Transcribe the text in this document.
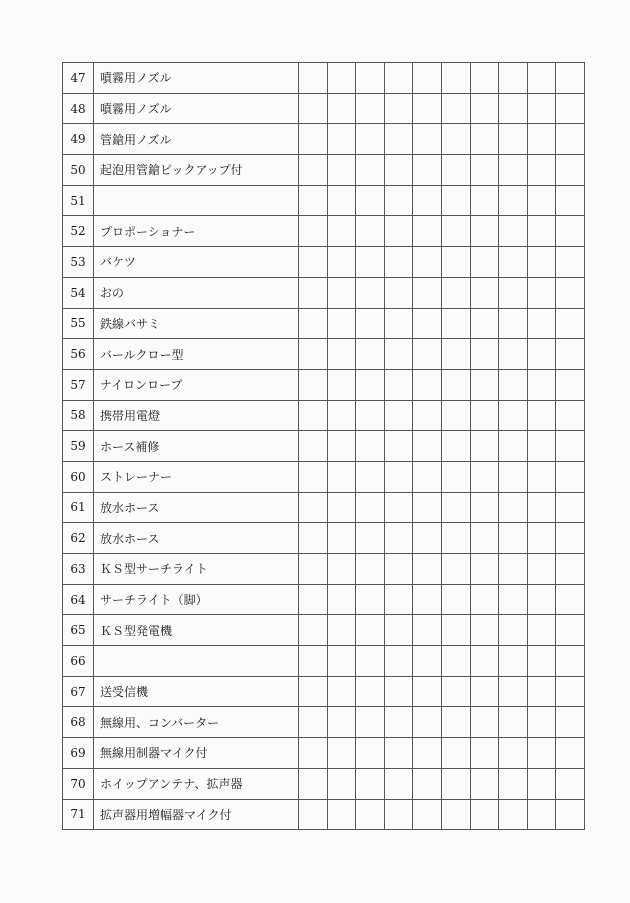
47	噴霧用ノズル										
48	噴霧用ノズル										
49	管鎗用ノズル										
50	起泡用管鎗ピックアップ付										
51											
52	プロポーショナー										
53	バケツ										
54	おの										
55	鉄線バサミ										
56	バールクロー型										
57	ナイロンロープ										
58	携帯用電燈										
59	ホース補修										
60	ストレーナー										
61	放水ホース										
62	放水ホース										
63	ＫＳ型サーチライト										
64	サーチライト（脚）										
65	ＫＳ型発電機										
66											
67	送受信機										
68	無線用、コンバーター										
69	無線用制器マイク付										
70	ホイップアンテナ、拡声器										
71	拡声器用増幅器マイク付										
